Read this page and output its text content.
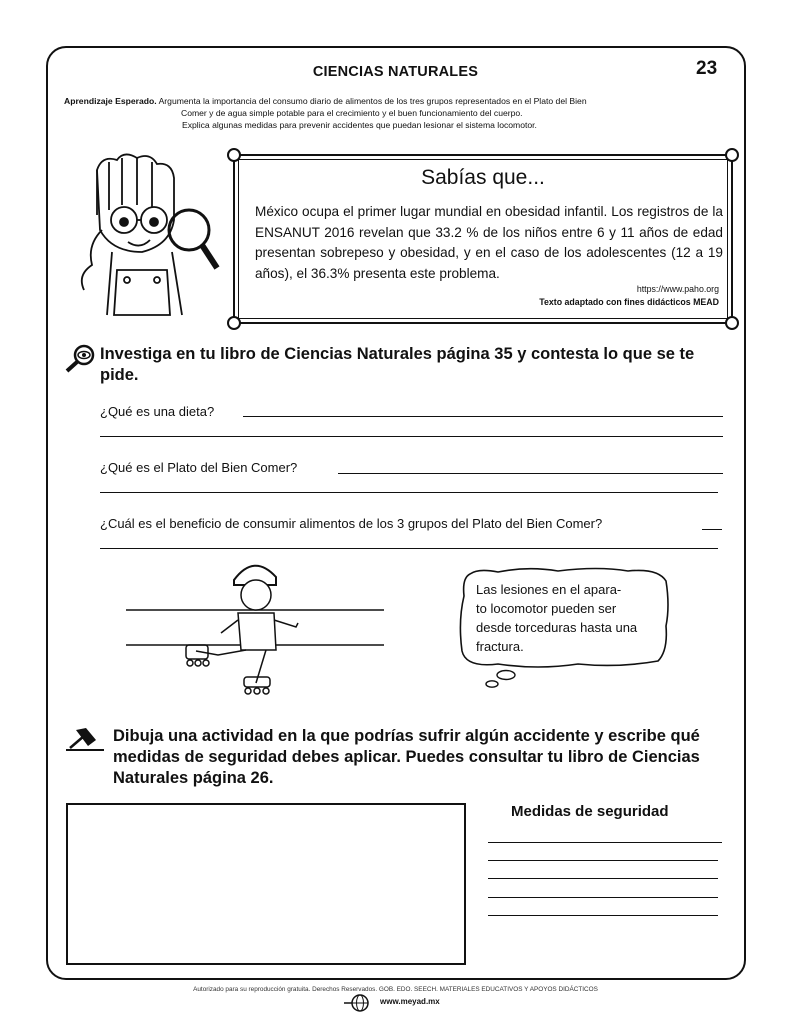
CIENCIAS NATURALES	23
Aprendizaje Esperado. Argumenta la importancia del consumo diario de alimentos de los tres grupos representados en el Plato del Bien
Comer y de agua simple potable para el crecimiento y el buen funcionamiento del cuerpo.
Explica algunas medidas para prevenir accidentes que puedan lesionar el sistema locomotor.
Sabías que...
México ocupa el primer lugar mundial en obesidad infantil. Los registros de la ENSANUT 2016 revelan que 33.2 % de los niños entre 6 y 11 años de edad presentan sobrepeso y obesidad, y en el caso de los adolescentes (12 a 19 años), el 36.3% presenta este problema.
https://www.paho.org
Texto adaptado con fines didácticos MEAD
Investiga en tu libro de Ciencias Naturales página 35 y contesta lo que se te pide.
¿Qué es una dieta?
¿Qué es el Plato del Bien Comer?
¿Cuál es el beneficio de consumir alimentos de los 3 grupos del Plato del Bien Comer?
Las lesiones en el apara-
to locomotor pueden ser
desde torceduras hasta una
fractura.
Dibuja una actividad en la que podrías sufrir algún accidente y escribe qué medidas de seguridad debes aplicar. Puedes consultar tu libro de Ciencias Naturales página 26.
Medidas de seguridad
Autorizado para su reproducción gratuita. Derechos Reservados. GOB. EDO. SEECH. MATERIALES EDUCATIVOS Y APOYOS DIDÁCTICOS
www.meyad.mx
